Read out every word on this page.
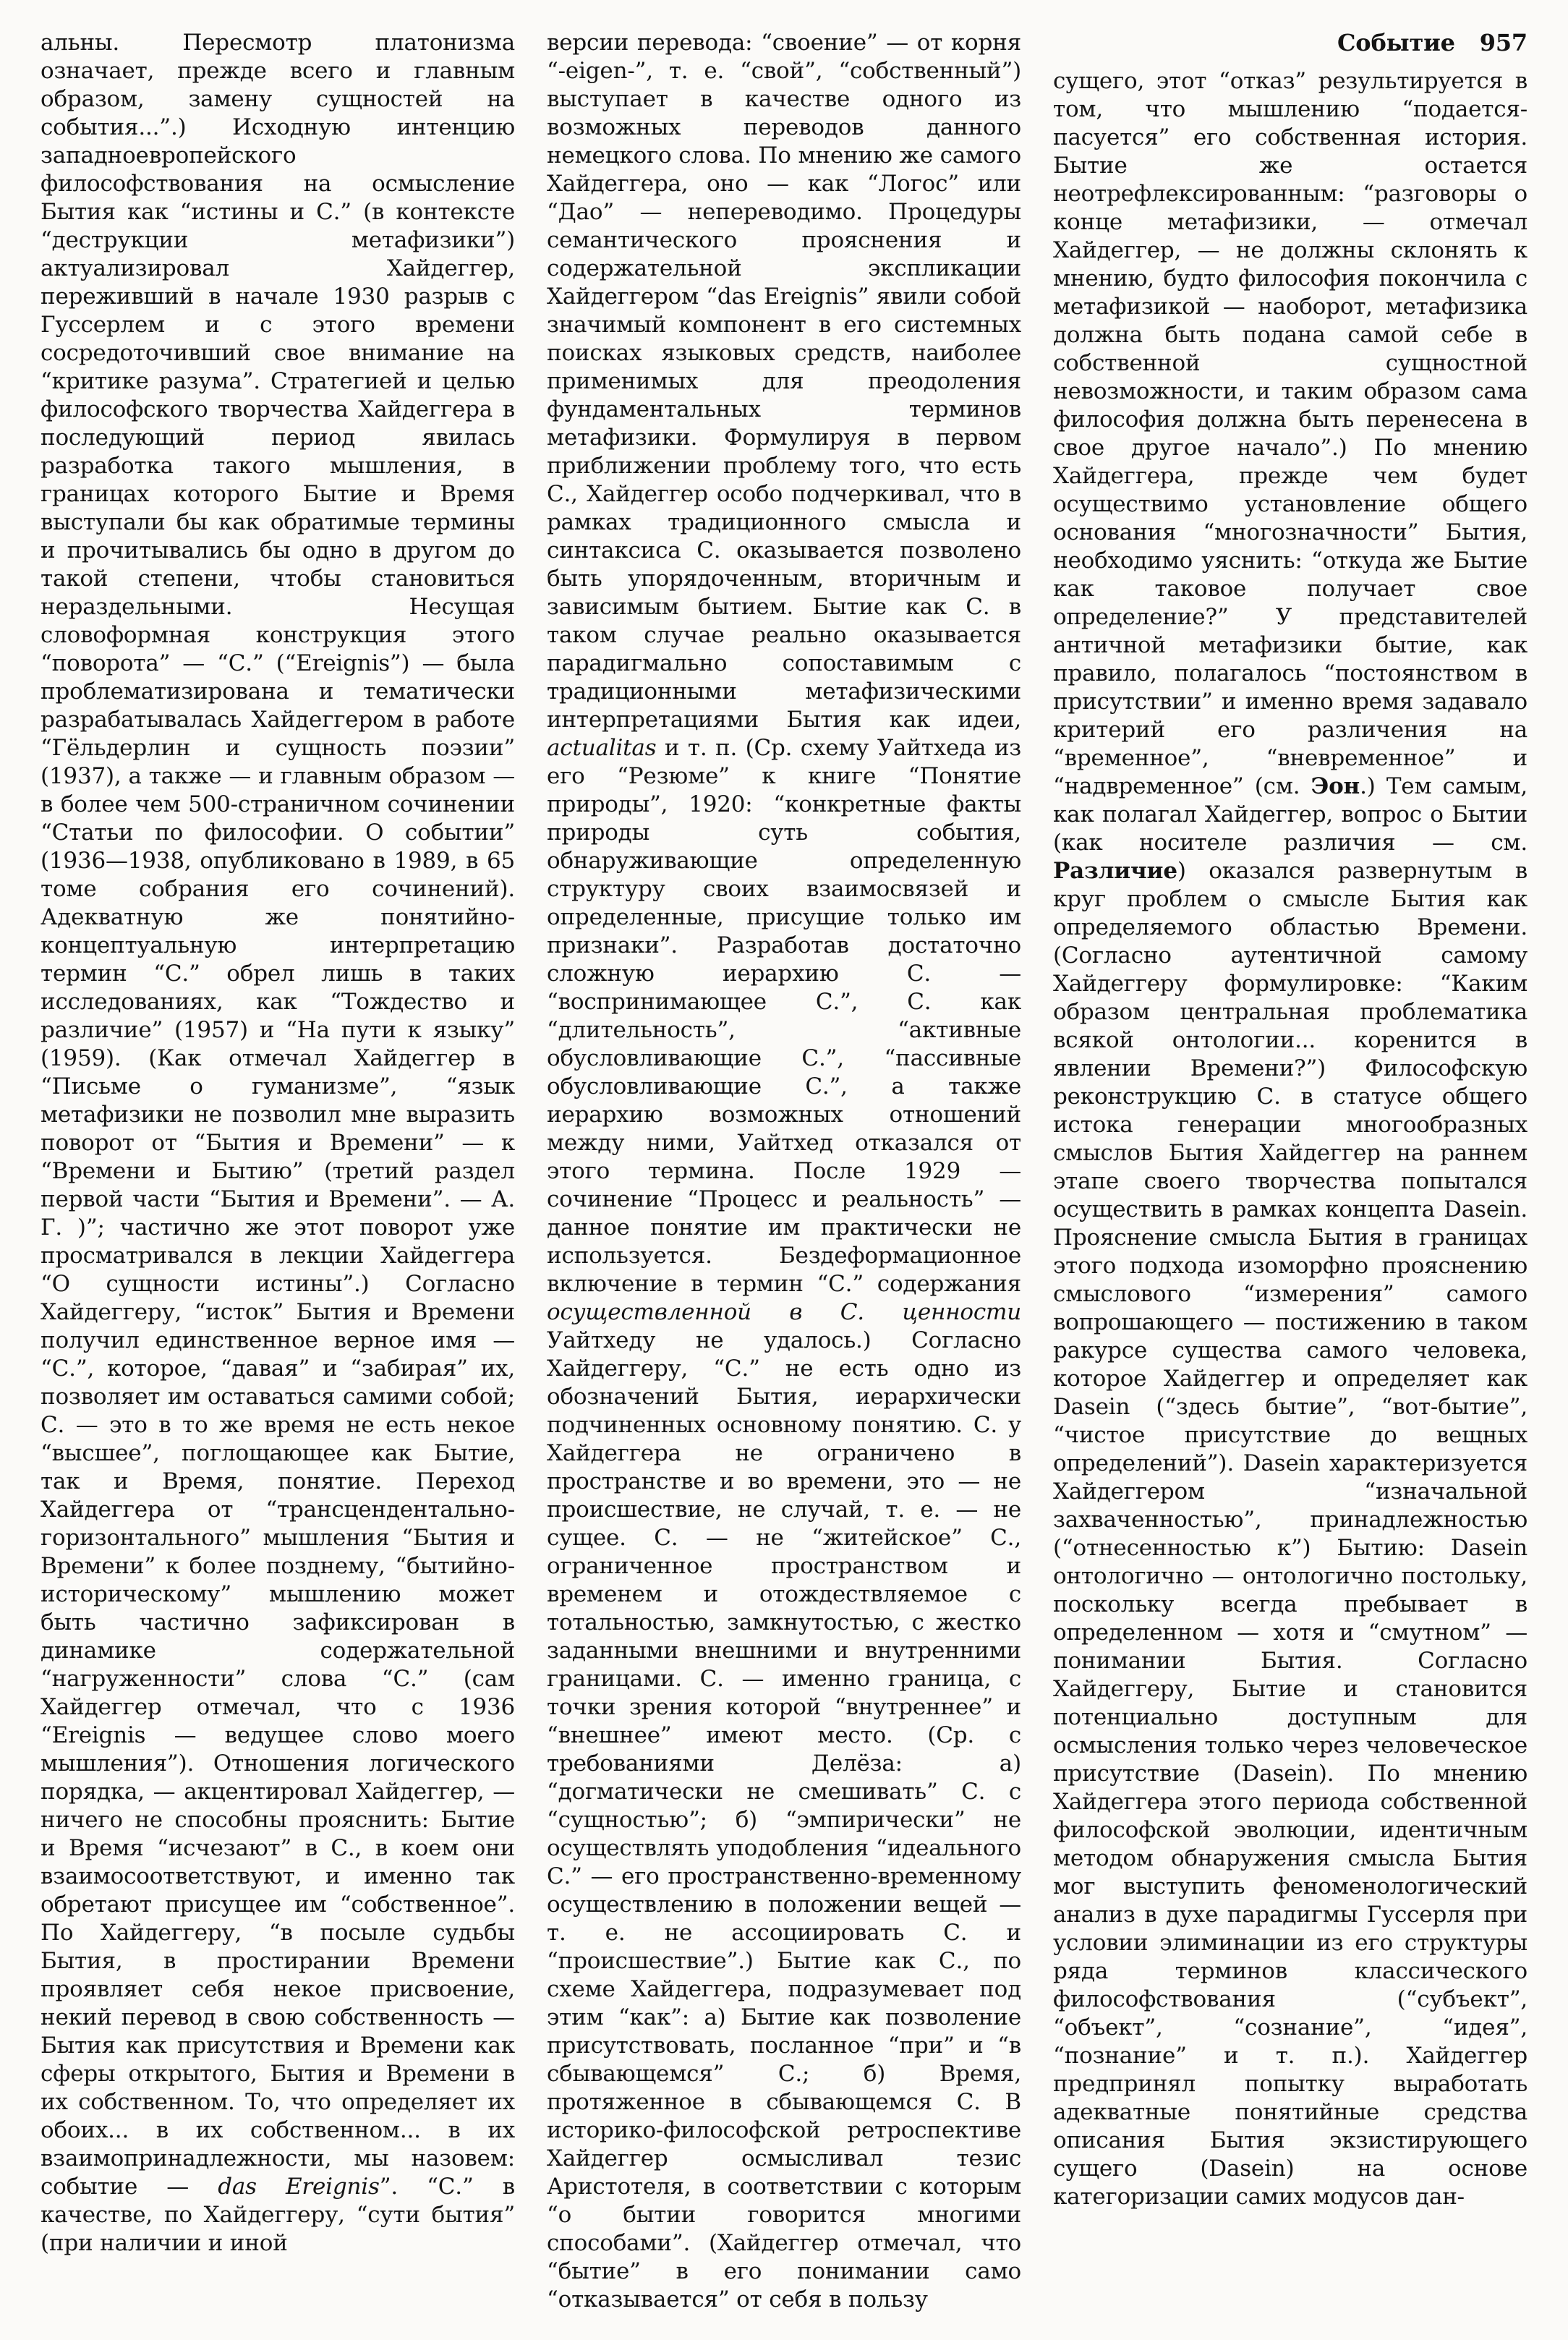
альны. Пересмотр платонизма означает, прежде всего и главным образом, замену сущностей на события...”.) Исходную интенцию западноевропейского философствования на осмысление Бытия как “истины и С.” (в контексте “деструкции метафизики”) актуализировал Хайдеггер, переживший в начале 1930 разрыв с Гуссерлем и с этого времени сосредоточивший свое внимание на “критике разума”. Стратегией и целью философского творчества Хайдеггера в последующий период явилась разработка такого мышления, в границах которого Бытие и Время выступали бы как обратимые термины и прочитывались бы одно в другом до такой степени, чтобы становиться нераздельными. Несущая словоформная конструкция этого “поворота” — “С.” (“Ereignis”) — была проблематизирована и тематически разрабатывалась Хайдеггером в работе “Гёльдерлин и сущность поэзии” (1937), а также — и главным образом — в более чем 500-страничном сочинении “Статьи по философии. О событии” (1936—1938, опубликовано в 1989, в 65 томе собрания его сочинений). Адекватную же понятийно-концептуальную интерпретацию термин “С.” обрел лишь в таких исследованиях, как “Тождество и различие” (1957) и “На пути к языку” (1959). (Как отмечал Хайдеггер в “Письме о гуманизме”, “язык метафизики не позволил мне выразить поворот от “Бытия и Времени” — к “Времени и Бытию” (третий раздел первой части “Бытия и Времени”. — А. Г. )”; частично же этот поворот уже просматривался в лекции Хайдеггера “О сущности истины”.) Согласно Хайдеггеру, “исток” Бытия и Времени получил единственное верное имя — “С.”, которое, “давая” и “забирая” их, позволяет им оставаться самими собой; С. — это в то же время не есть некое “высшее”, поглощающее как Бытие, так и Время, понятие. Переход Хайдеггера от “трансцендентально-горизонтального” мышления “Бытия и Времени” к более позднему, “бытийно-историческому” мышлению может быть частично зафиксирован в динамике содержательной “нагруженности” слова “С.” (сам Хайдеггер отмечал, что с 1936 “Ereignis — ведущее слово моего мышления”). Отношения логического порядка, — акцентировал Хайдеггер, — ничего не способны прояснить: Бытие и Время “исчезают” в С., в коем они взаимосоответствуют, и именно так обретают присущее им “собственное”. По Хайдеггеру, “в посыле судьбы Бытия, в простирании Времени проявляет себя некое присвоение, некий перевод в свою собственность — Бытия как присутствия и Времени как сферы открытого, Бытия и Времени в их собственном. То, что определяет их обоих... в их собственном... в их взаимопринадлежности, мы назовем: событие — das Ereignis”. “С.” в качестве, по Хайдеггеру, “сути бытия” (при наличии и иной
версии перевода: “своение” — от корня “-eigen-”, т. е. “свой”, “собственный”) выступает в качестве одного из возможных переводов данного немецкого слова. По мнению же самого Хайдеггера, оно — как “Логос” или “Дао” — непереводимо. Процедуры семантического прояснения и содержательной экспликации Хайдеггером “das Ereignis” явили собой значимый компонент в его системных поисках языковых средств, наиболее применимых для преодоления фундаментальных терминов метафизики. Формулируя в первом приближении проблему того, что есть С., Хайдеггер особо подчеркивал, что в рамках традиционного смысла и синтаксиса С. оказывается позволено быть упорядоченным, вторичным и зависимым бытием. Бытие как С. в таком случае реально оказывается парадигмально сопоставимым с традиционными метафизическими интерпретациями Бытия как идеи, actualitas и т. п. (Ср. схему Уайтхеда из его “Резюме” к книге “Понятие природы”, 1920: “конкретные факты природы суть события, обнаруживающие определенную структуру своих взаимосвязей и определенные, присущие только им признаки”. Разработав достаточно сложную иерархию С. — “воспринимающее С.”, С. как “длительность”, “активные обусловливающие С.”, “пассивные обусловливающие С.”, а также иерархию возможных отношений между ними, Уайтхед отказался от этого термина. После 1929 — сочинение “Процесс и реальность” — данное понятие им практически не используется. Бездеформационное включение в термин “С.” содержания осуществленной в С. ценности Уайтхеду не удалось.) Согласно Хайдеггеру, “С.” не есть одно из обозначений Бытия, иерархически подчиненных основному понятию. С. у Хайдеггера не ограничено в пространстве и во времени, это — не происшествие, не случай, т. е. — не сущее. С. — не “житейское” С., ограниченное пространством и временем и отождествляемое с тотальностью, замкнутостью, с жестко заданными внешними и внутренними границами. С. — именно граница, с точки зрения которой “внутреннее” и “внешнее” имеют место. (Ср. с требованиями Делёза: а) “догматически не смешивать” С. с “сущностью”; б) “эмпирически” не осуществлять уподобления “идеального С.” — его пространственно-временному осуществлению в положении вещей — т. е. не ассоциировать С. и “происшествие”.) Бытие как С., по схеме Хайдеггера, подразумевает под этим “как”: а) Бытие как позволение присутствовать, посланное “при” и “в сбывающемся” С.; б) Время, протяженное в сбывающемся С. В историко-философской ретроспективе Хайдеггер осмысливал тезис Аристотеля, в соответствии с которым “о бытии говорится многими способами”. (Хайдеггер отмечал, что “бытие” в его понимании само “отказывается” от себя в пользу
Событие 957
сущего, этот “отказ” результируется в том, что мышлению “подается-пасуется” его собственная история. Бытие же остается неотрефлексированным: “разговоры о конце метафизики, — отмечал Хайдеггер, — не должны склонять к мнению, будто философия покончила с метафизикой — наоборот, метафизика должна быть подана самой себе в собственной сущностной невозможности, и таким образом сама философия должна быть перенесена в свое другое начало”.) По мнению Хайдеггера, прежде чем будет осуществимо установление общего основания “многозначности” Бытия, необходимо уяснить: “откуда же Бытие как таковое получает свое определение?” У представителей античной метафизики бытие, как правило, полагалось “постоянством в присутствии” и именно время задавало критерий его различения на “временное”, “вневременное” и “надвременное” (см. Эон.) Тем самым, как полагал Хайдеггер, вопрос о Бытии (как носителе различия — см. Различие) оказался развернутым в круг проблем о смысле Бытия как определяемого областью Времени. (Согласно аутентичной самому Хайдеггеру формулировке: “Каким образом центральная проблематика всякой онтологии... коренится в явлении Времени?”) Философскую реконструкцию С. в статусе общего истока генерации многообразных смыслов Бытия Хайдеггер на раннем этапе своего творчества попытался осуществить в рамках концепта Dasein. Прояснение смысла Бытия в границах этого подхода изоморфно прояснению смыслового “измерения” самого вопрошающего — постижению в таком ракурсе существа самого человека, которое Хайдеггер и определяет как Dasein (“здесь бытие”, “вот-бытие”, “чистое присутствие до вещных определений”). Dasein характеризуется Хайдеггером “изначальной захваченностью”, принадлежностью (“отнесенностью к”) Бытию: Dasein онтологично — онтологично постольку, поскольку всегда пребывает в определенном — хотя и “смутном” — понимании Бытия. Согласно Хайдеггеру, Бытие и становится потенциально доступным для осмысления только через человеческое присутствие (Dasein). По мнению Хайдеггера этого периода собственной философской эволюции, идентичным методом обнаружения смысла Бытия мог выступить феноменологический анализ в духе парадигмы Гуссерля при условии элиминации из его структуры ряда терминов классического философствования (“субъект”, “объект”, “сознание”, “идея”, “познание” и т. п.). Хайдеггер предпринял попытку выработать адекватные понятийные средства описания Бытия экзистирующего сущего (Dasein) на основе категоризации самих модусов дан-
